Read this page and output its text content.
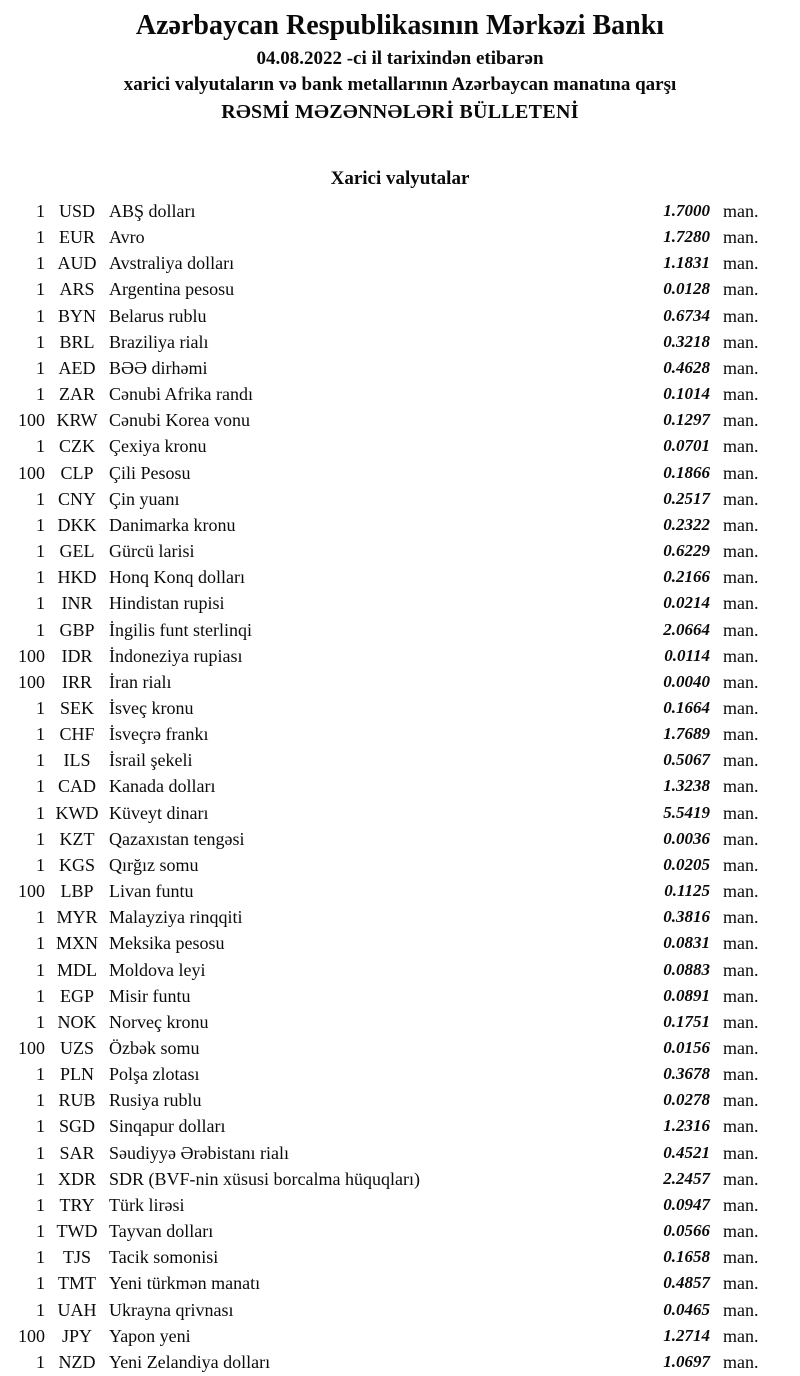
Azərbaycan Respublikasının Mərkəzi Bankı
04.08.2022 -ci il tarixindən etibarən
xarici valyutaların və bank metallarının Azərbaycan manatına qarşı
RƏSMİ MƏZƏNNƏLƏRİ BÜLLETENİ
Xarici valyutalar
1 USD ABŞ dolları	1.7000 man.
1 EUR Avro	1.7280 man.
1 AUD Avstraliya dolları	1.1831 man.
1 ARS Argentina pesosu	0.0128 man.
1 BYN Belarus rublu	0.6734 man.
1 BRL Braziliya rialı	0.3218 man.
1 AED BƏƏ dirhəmi	0.4628 man.
1 ZAR Cənubi Afrika randı	0.1014 man.
100 KRW Cənubi Korea vonu	0.1297 man.
1 CZK Çexiya kronu	0.0701 man.
100 CLP Çili Pesosu	0.1866 man.
1 CNY Çin yuanı	0.2517 man.
1 DKK Danimarka kronu	0.2322 man.
1 GEL Gürcü larisi	0.6229 man.
1 HKD Honq Konq dolları	0.2166 man.
1 INR Hindistan rupisi	0.0214 man.
1 GBP İngilis funt sterlinqi	2.0664 man.
100 IDR İndoneziya rupiası	0.0114 man.
100 IRR İran rialı	0.0040 man.
1 SEK İsveç kronu	0.1664 man.
1 CHF İsveçrə frankı	1.7689 man.
1	ILS	İsrail şekeli	0.5067 man.
1 CAD Kanada dolları	1.3238 man.
1 KWD Küveyt dinarı	5.5419 man.
1 KZT Qazaxıstan tengəsi	0.0036 man.
1 KGS Qırğız somu	0.0205 man.
100 LBP Livan funtu	0.1125 man.
1 MYR Malayziya rinqqiti	0.3816 man.
1 MXN Meksika pesosu	0.0831 man.
1 MDL Moldova leyi	0.0883 man.
1 EGP Misir funtu	0.0891 man.
1 NOK Norveç kronu	0.1751 man.
100 UZS Özbək somu	0.0156 man.
1 PLN Polşa zlotası	0.3678 man.
1 RUB Rusiya rublu	0.0278 man.
1 SGD Sinqapur dolları	1.2316 man.
1 SAR Səudiyyə Ərəbistanı rialı	0.4521 man.
1 XDR SDR (BVF-nin xüsusi borcalma hüquqları)	2.2457 man.
1 TRY Türk lirəsi	0.0947 man.
1 TWD Tayvan dolları	0.0566 man.
1 TJS	Tacik somonisi	0.1658 man.
1 TMT Yeni türkmən manatı	0.4857 man.
1 UAH Ukrayna qrivnası	0.0465 man.
100 JPY Yapon yeni	1.2714 man.
1 NZD Yeni Zelandiya dolları	1.0697 man.
